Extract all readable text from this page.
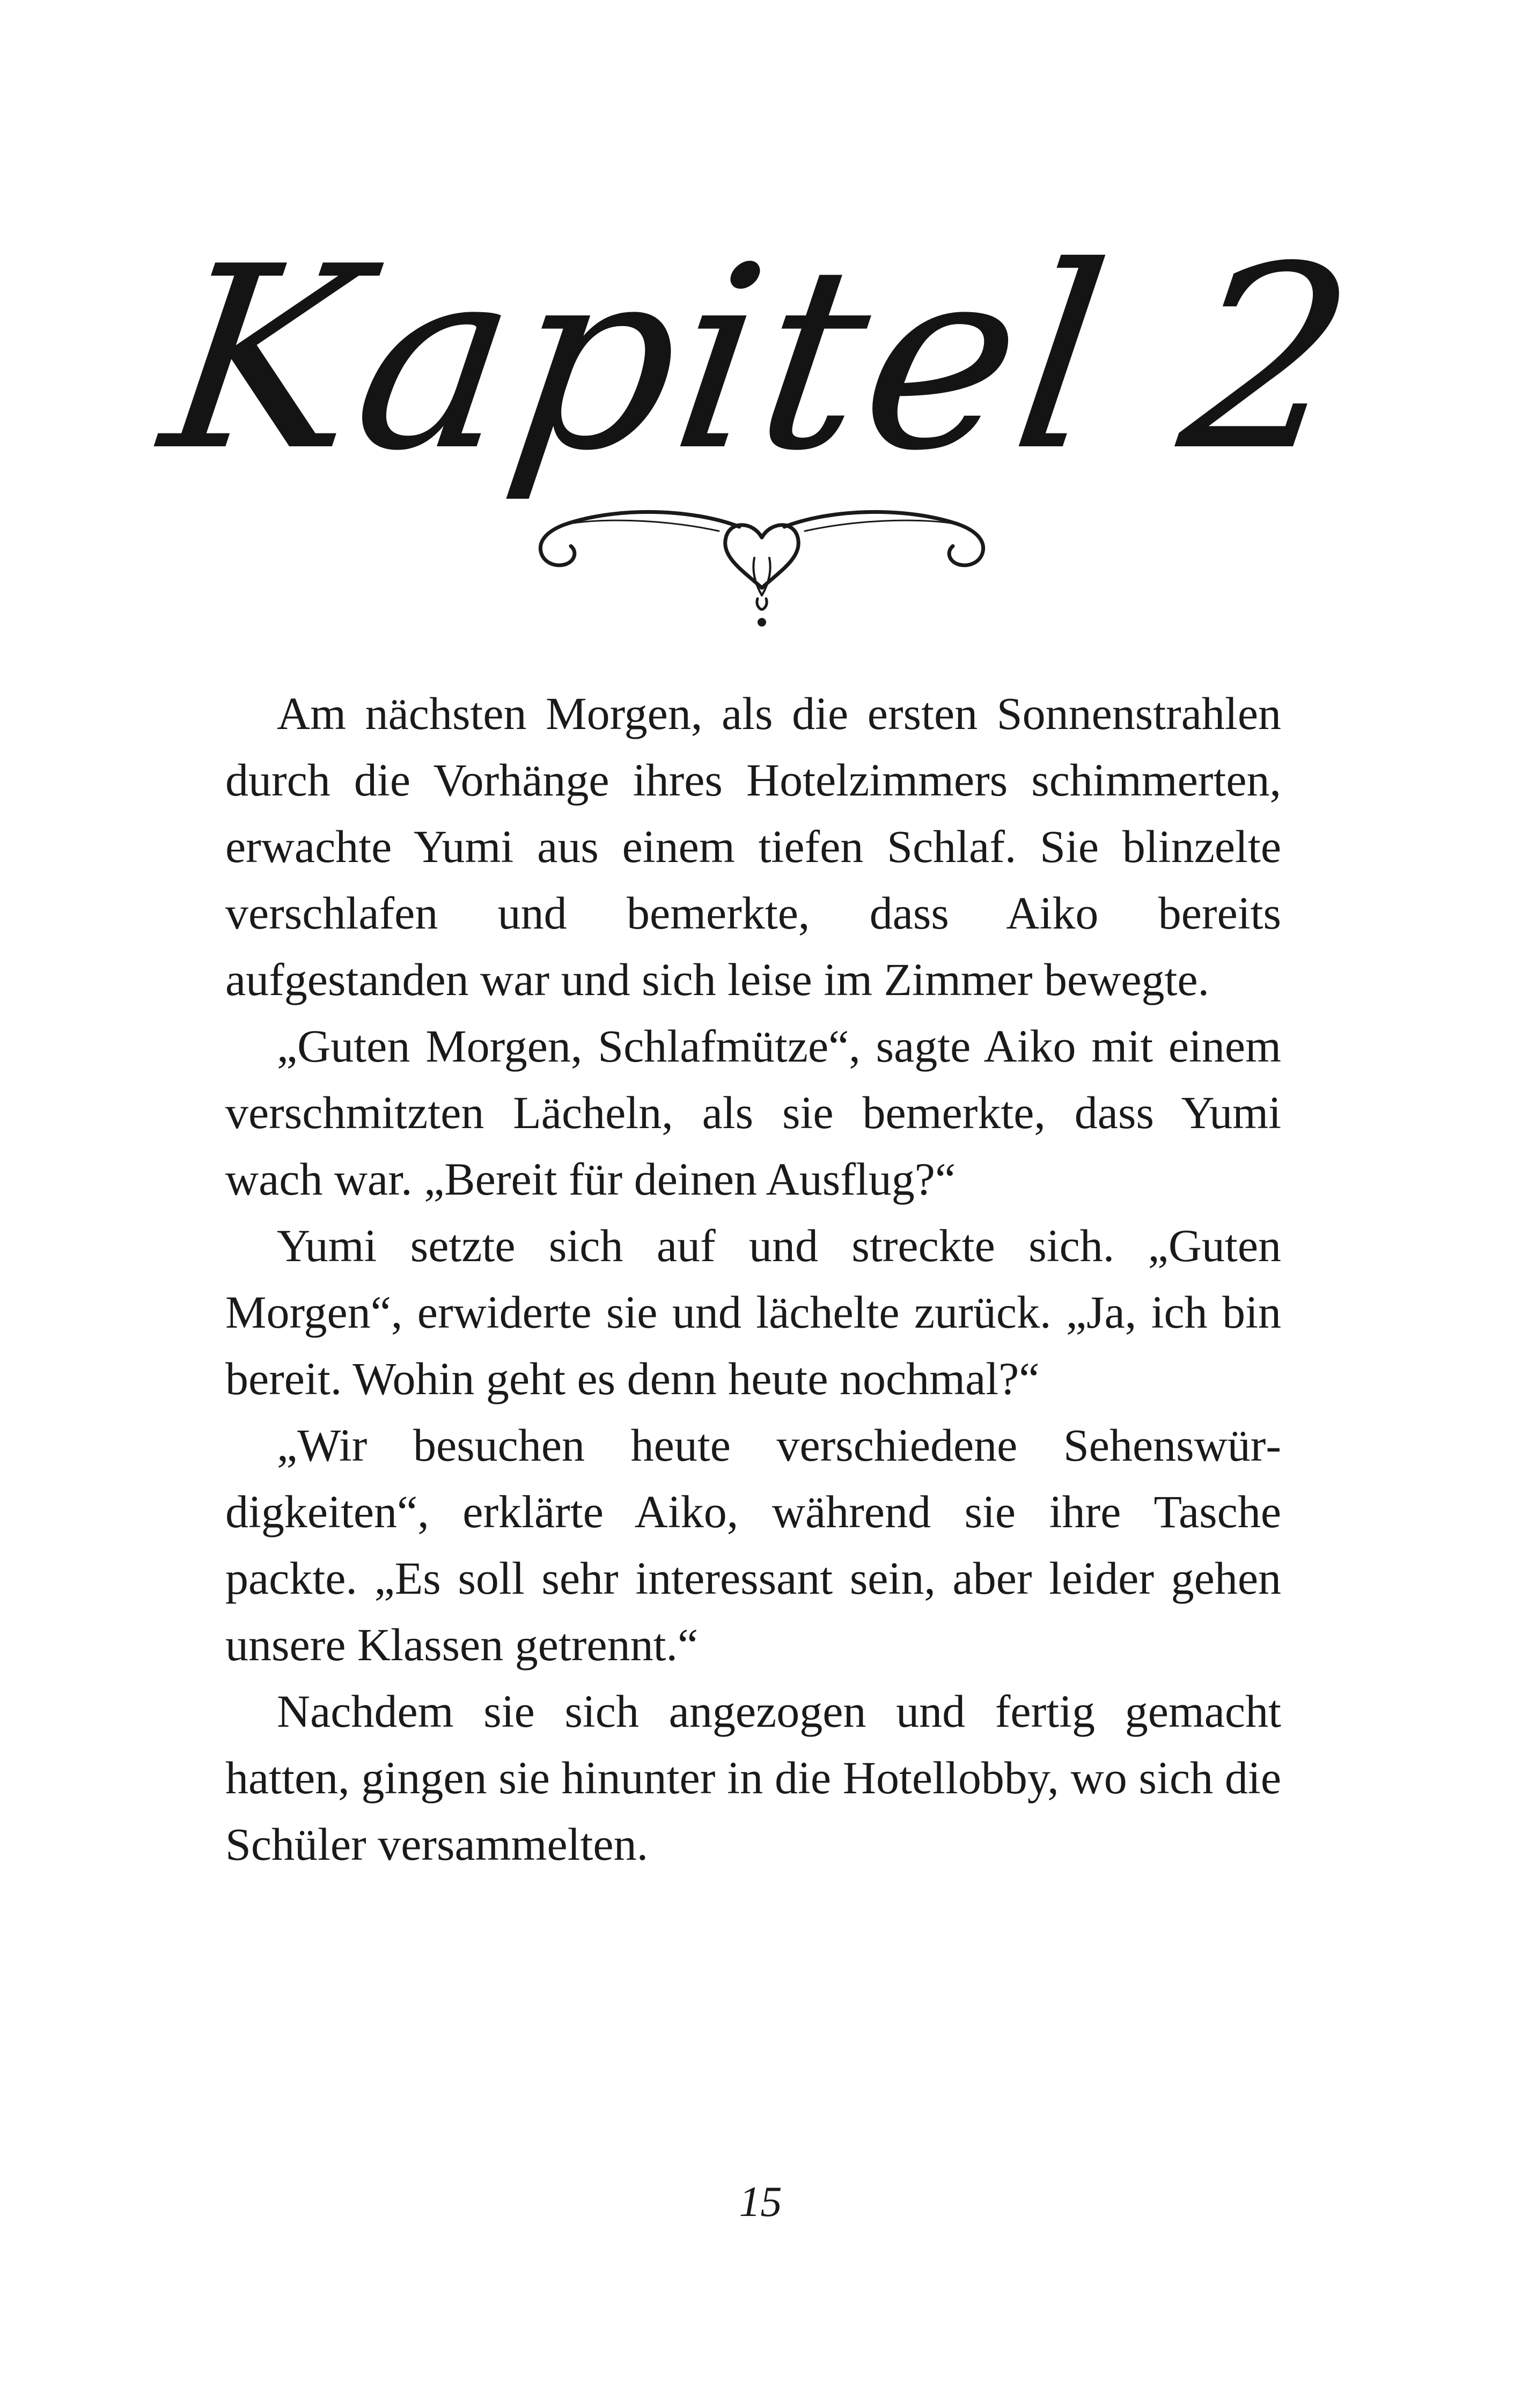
Kapitel 2

Am nächsten Morgen, als die ersten Sonnenstrahlen durch die Vorhänge ihres Hotelzimmers schimmerten, erwachte Yumi aus einem tiefen Schlaf. Sie blinzelte verschlafen und bemerkte, dass Aiko bereits aufgestanden war und sich leise im Zimmer bewegte.

„Guten Morgen, Schlafmütze“, sagte Aiko mit einem verschmitzten Lächeln, als sie bemerkte, dass Yumi wach war. „Bereit für deinen Ausflug?“

Yumi setzte sich auf und streckte sich. „Guten Morgen“, erwiderte sie und lächelte zurück. „Ja, ich bin bereit. Wohin geht es denn heute nochmal?“

„Wir besuchen heute verschiedene Sehenswürdigkeiten“, erklärte Aiko, während sie ihre Tasche packte. „Es soll sehr interessant sein, aber leider gehen unsere Klassen getrennt.“

Nachdem sie sich angezogen und fertig gemacht hatten, gingen sie hinunter in die Hotellobby, wo sich die Schüler versammelten.

15
